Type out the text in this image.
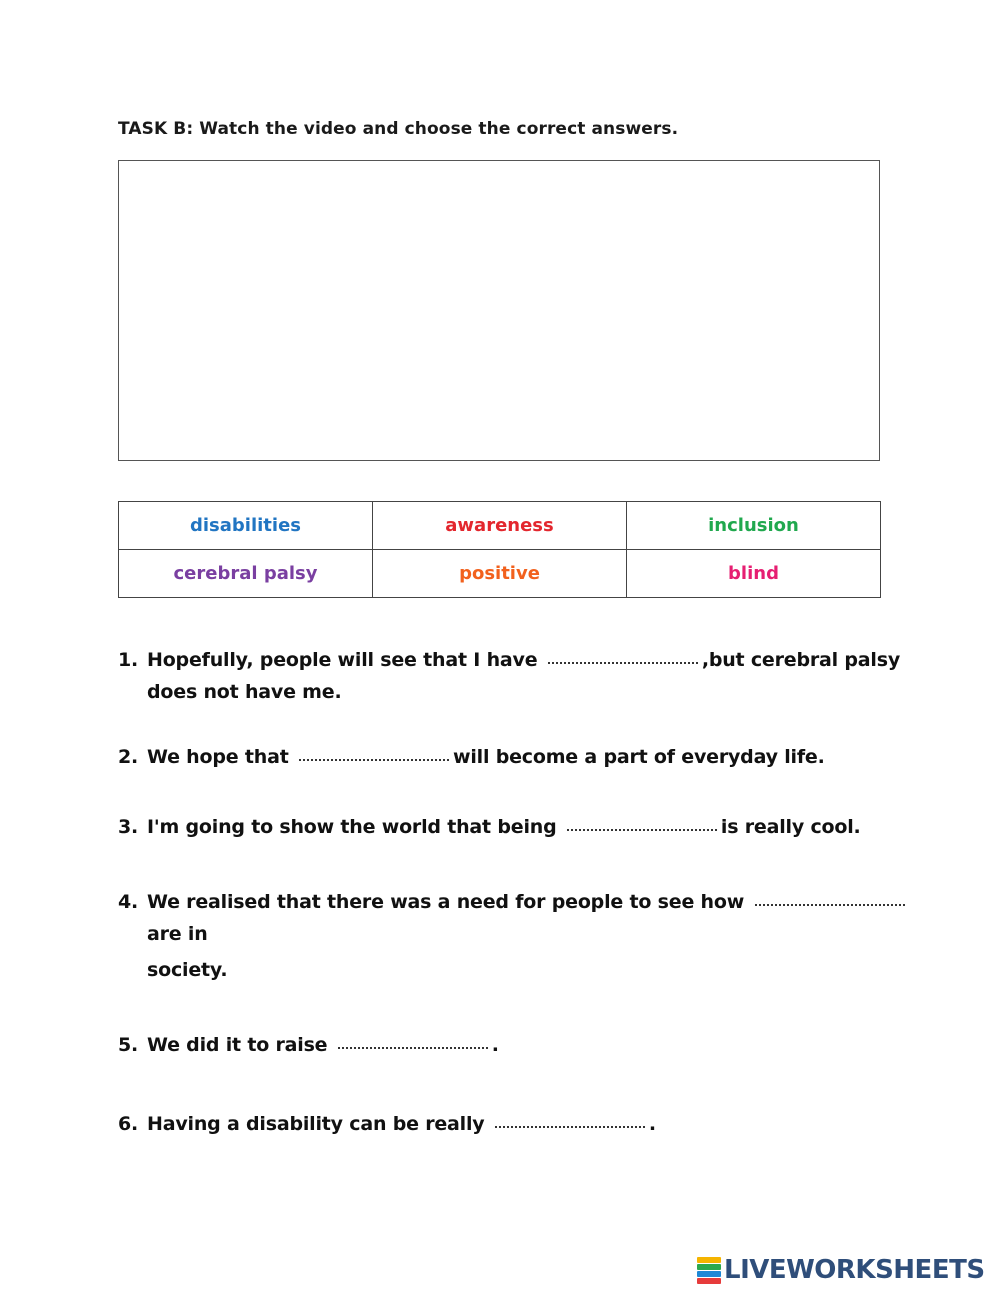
TASK B: Watch the video and choose the correct answers.
disabilities	awareness	inclusion
cerebral palsy	positive	blind
1. Hopefully, people will see that I have	,but cerebral palsy
does not have me.
2. We hope that	will become a part of everyday life.
3. I'm going to show the world that being	is really cool.
4. We realised that there was a need for people to see how
are in
society.
5. We did it to raise	.
6. Having a disability can be really	.
LIVEWORKSHEETS
